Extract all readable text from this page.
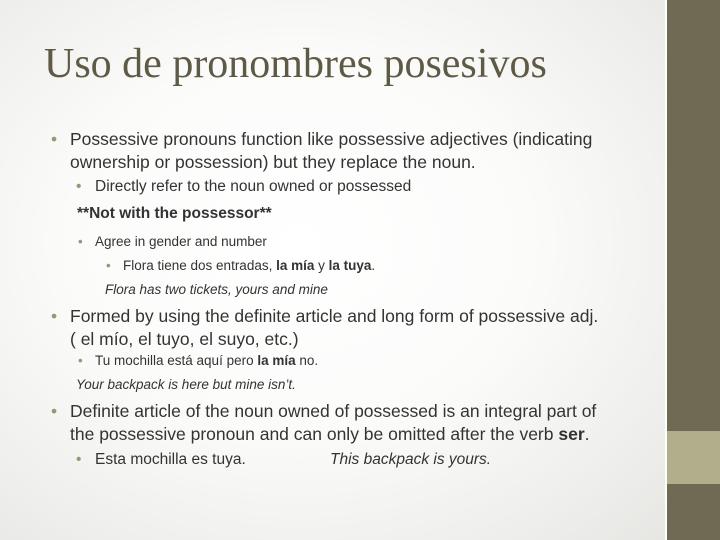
Uso de pronombres posesivos
• Possessive pronouns function like possessive adjectives (indicating
ownership or possession) but they replace the noun.
• Directly refer to the noun owned or possessed
**Not with the possessor**
• Agree in gender and number
• Flora tiene dos entradas, la mía y la tuya.
Flora has two tickets, yours and mine
• Formed by using the definite article and long form of possessive adj.
( el mío, el tuyo, el suyo, etc.)
• Tu mochilla está aquí pero la mía no.
Your backpack is here but mine isn’t.
• Definite article of the noun owned of possessed is an integral part of
the possessive pronoun and can only be omitted after the verb ser.
• Esta mochilla es tuya.	This backpack is yours.
